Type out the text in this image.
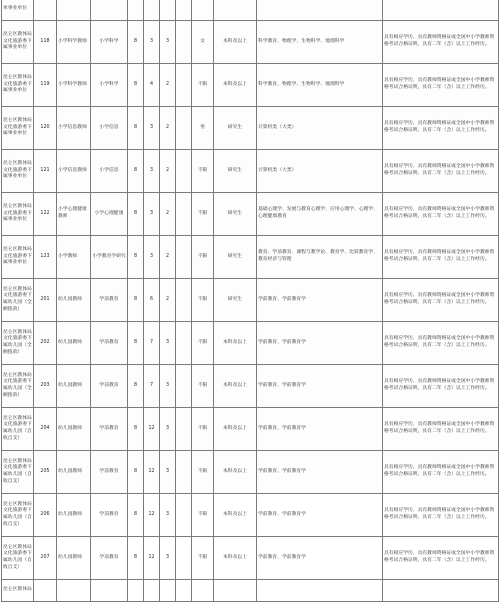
单事业单位											
昆仑区教体局文化旅游委下属事业单位	118	小学科学教师	小学科学	8	3	3		女	本科及以上	科学教育、物理学、生物科学、地理科学	具有相应学历、具有教师资格证或全国中小学教师资格考试合格证明，具有二年（含）以上工作经历。
昆仑区教体局文化旅游委下属事业单位	119	小学科学教师	小学科学	8	4	2		不限	本科及以上	科学教育、物理学、生物科学、地理科学	具有相应学历、具有教师资格证或全国中小学教师资格考试合格证明，具有二年（含）以上工作经历。
昆仑区教体局文化旅游委下属事业单位	120	小学信息教师	小学信息	8	3	2		男	研究生	计算机类（大类）	具有相应学历、具有教师资格证或全国中小学教师资格考试合格证明，具有二年（含）以上工作经历。
昆仑区教体局文化旅游委下属事业单位	121	小学信息教师	小学信息	8	3	2		不限	研究生	计算机类（大类）	具有相应学历、具有教师资格证或全国中小学教师资格考试合格证明，具有二年（含）以上工作经历。
昆仑区教体局文化旅游委下属事业单位	122	小学心理健康教师	小学心理健康	8	3	2		不限	研究生	基础心理学、发展与教育心理学、应用心理学、心理学、心理健康教育	具有相应学历、具有教师资格证或全国中小学教师资格考试合格证明，具有二年（含）以上工作经历。
昆仑区教体局文化旅游委下属事业单位	123	小学教师	小学教育学研究	8	3	2		不限	研究生	教育、学前教育、课程与教学论、教育学、比较教育学、教育经济与管理	具有相应学历、具有教师资格证或全国中小学教师资格考试合格证明，具有二年（含）以上工作经历。
昆仑区教体局文化旅游委下属幼儿园（全额拨款）	201	幼儿园教师	学前教育	8	6	2		不限	研究生	学前教育、学前教育学	具有相应学历、具有教师资格证或全国中小学教师资格考试合格证明，具有二年（含）以上工作经历。
昆仑区教体局文化旅游委下属幼儿园（全额拨款）	202	幼儿园教师	学前教育	8	7	3		不限	本科及以上	学前教育、学前教育学	具有相应学历、具有教师资格证或全国中小学教师资格考试合格证明，具有二年（含）以上工作经历。
昆仑区教体局文化旅游委下属幼儿园（全额拨款）	203	幼儿园教师	学前教育	8	7	3		不限	本科及以上	学前教育、学前教育学	具有相应学历、具有教师资格证或全国中小学教师资格考试合格证明，具有二年（含）以上工作经历。
昆仑区教体局文化旅游委下属幼儿园（自收自支）	204	幼儿园教师	学前教育	8	12	3		不限	本科及以上	学前教育、学前教育学	具有相应学历、具有教师资格证或全国中小学教师资格考试合格证明，具有二年（含）以上工作经历。
昆仑区教体局文化旅游委下属幼儿园（自收自支）	205	幼儿园教师	学前教育	8	12	3		不限	本科及以上	学前教育、学前教育学	具有相应学历、具有教师资格证或全国中小学教师资格考试合格证明，具有二年（含）以上工作经历。
昆仑区教体局文化旅游委下属幼儿园（自收自支）	206	幼儿园教师	学前教育	8	12	3		不限	本科及以上	学前教育、学前教育学	具有相应学历、具有教师资格证或全国中小学教师资格考试合格证明，具有二年（含）以上工作经历。
昆仑区教体局文化旅游委下属幼儿园（自收自支）	207	幼儿园教师	学前教育	8	12	3		不限	本科及以上	学前教育、学前教育学	具有相应学历、具有教师资格证或全国中小学教师资格考试合格证明，具有二年（含）以上工作经历。
昆仑区教体局											
